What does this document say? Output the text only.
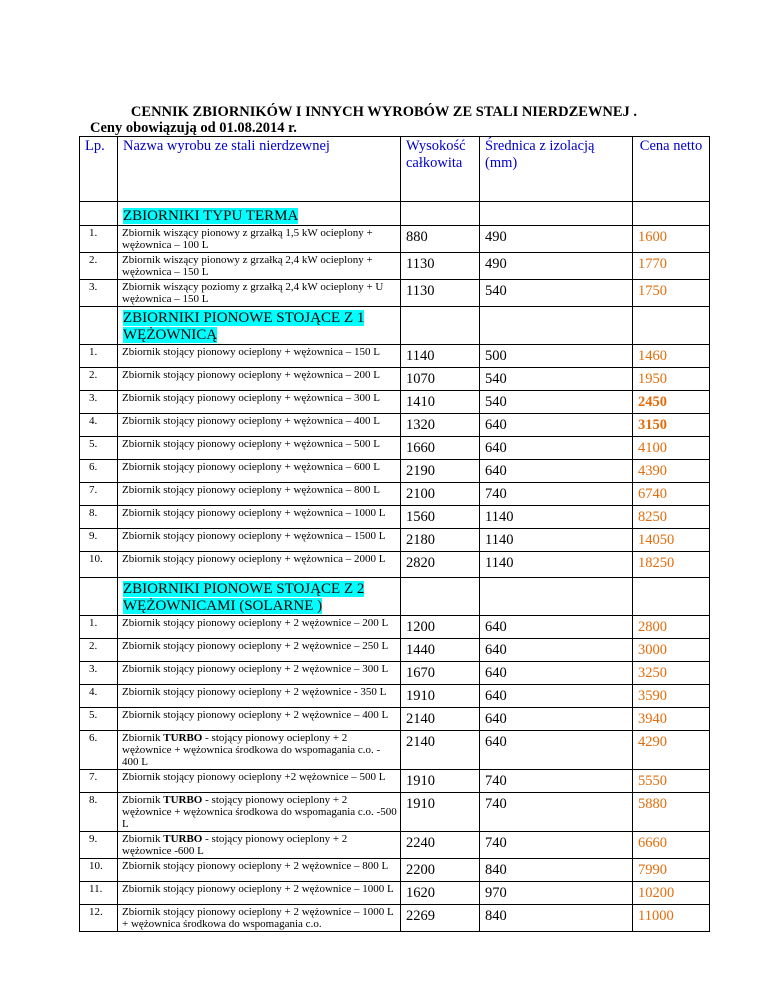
CENNIK ZBIORNIKÓW I INNYCH WYROBÓW ZE STALI NIERDZEWNEJ .
Ceny obowiązują od 01.08.2014 r.
Lp.	Nazwa wyrobu ze stali nierdzewnej	Wysokość całkowita	Średnica z izolacją (mm)	Cena netto
	ZBIORNIKI TYPU TERMA			
1.	Zbiornik wiszący pionowy z grzałką 1,5 kW ocieplony + wężownica – 100 L	880	490	1600
2.	Zbiornik wiszący pionowy z grzałką 2,4 kW ocieplony + wężownica – 150 L	1130	490	1770
3.	Zbiornik wiszący poziomy z grzałką 2,4 kW ocieplony + U wężownica – 150 L	1130	540	1750
	ZBIORNIKI PIONOWE STOJĄCE Z 1 WĘŻOWNICĄ			
1.	Zbiornik stojący pionowy ocieplony + wężownica – 150 L	1140	500	1460
2.	Zbiornik stojący pionowy ocieplony + wężownica – 200 L	1070	540	1950
3.	Zbiornik stojący pionowy ocieplony + wężownica – 300 L	1410	540	2450
4.	Zbiornik stojący pionowy ocieplony + wężownica – 400 L	1320	640	3150
5.	Zbiornik stojący pionowy ocieplony + wężownica – 500 L	1660	640	4100
6.	Zbiornik stojący pionowy ocieplony + wężownica – 600 L	2190	640	4390
7.	Zbiornik stojący pionowy ocieplony + wężownica – 800 L	2100	740	6740
8.	Zbiornik stojący pionowy ocieplony + wężownica – 1000 L	1560	1140	8250
9.	Zbiornik stojący pionowy ocieplony + wężownica – 1500 L	2180	1140	14050
10.	Zbiornik stojący pionowy ocieplony + wężownica – 2000 L	2820	1140	18250
	ZBIORNIKI PIONOWE STOJĄCE Z 2 WĘŻOWNICAMI (SOLARNE )			
1.	Zbiornik stojący pionowy ocieplony + 2 wężownice – 200 L	1200	640	2800
2.	Zbiornik stojący pionowy ocieplony + 2 wężownice – 250 L	1440	640	3000
3.	Zbiornik stojący pionowy ocieplony + 2 wężownice – 300 L	1670	640	3250
4.	Zbiornik stojący pionowy ocieplony + 2 wężownice - 350 L	1910	640	3590
5.	Zbiornik stojący pionowy ocieplony + 2 wężownice – 400 L	2140	640	3940
6.	Zbiornik TURBO - stojący pionowy ocieplony + 2 wężownice + wężownica środkowa do wspomagania c.o. - 400 L	2140	640	4290
7.	Zbiornik stojący pionowy ocieplony +2 wężownice – 500 L	1910	740	5550
8.	Zbiornik TURBO - stojący pionowy ocieplony + 2 wężownice + wężownica środkowa do wspomagania c.o. -500 L	1910	740	5880
9.	Zbiornik TURBO - stojący pionowy ocieplony + 2 wężownice -600 L	2240	740	6660
10.	Zbiornik stojący pionowy ocieplony + 2 wężownice – 800 L	2200	840	7990
11.	Zbiornik stojący pionowy ocieplony + 2 wężownice – 1000 L	1620	970	10200
12.	Zbiornik stojący pionowy ocieplony + 2 wężownice – 1000 L + wężownica środkowa do wspomagania c.o.	2269	840	11000
